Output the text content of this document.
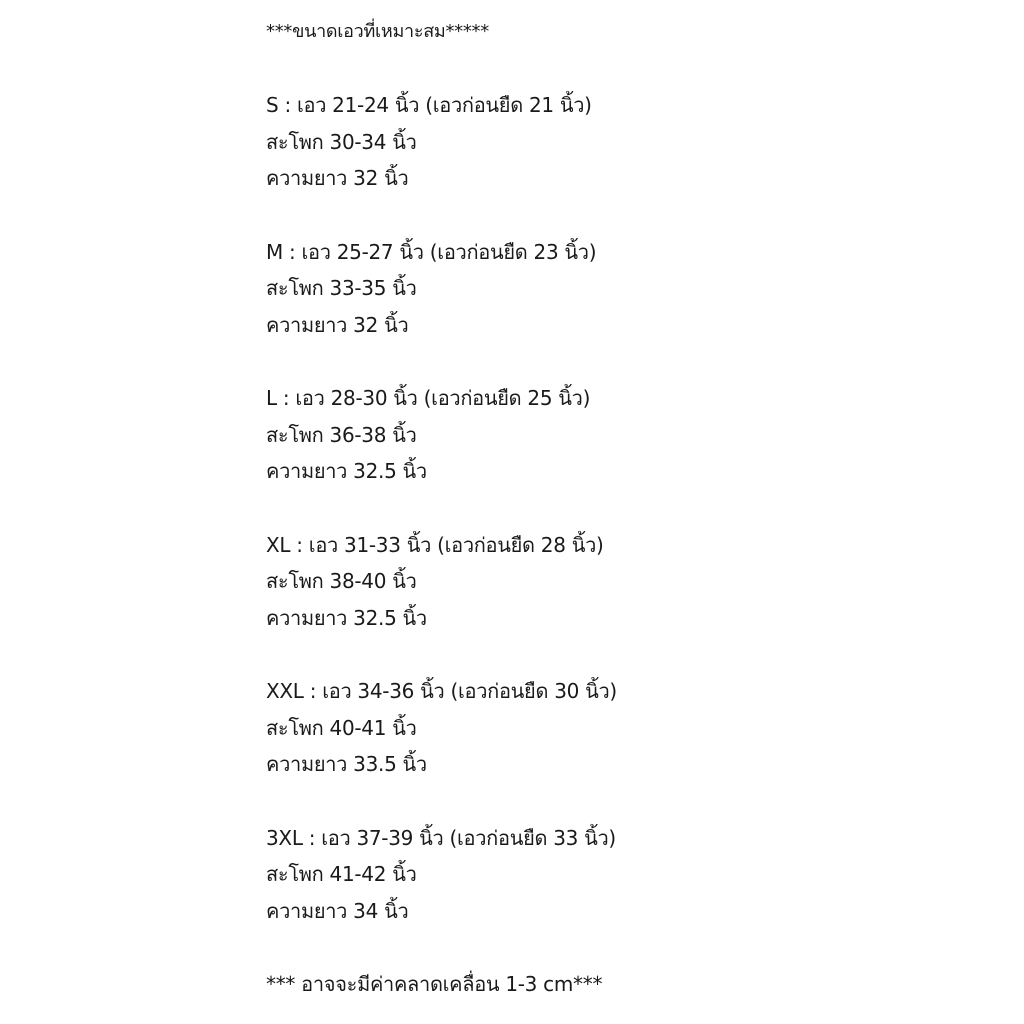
***ขนาดเอวที่เหมาะสม*****
S : เอว 21-24 นิ้ว (เอวก่อนยืด 21 นิ้ว)
สะโพก 30-34 นิ้ว
ความยาว 32 นิ้ว
M : เอว 25-27 นิ้ว (เอวก่อนยืด 23 นิ้ว)
สะโพก 33-35 นิ้ว
ความยาว 32 นิ้ว
L : เอว 28-30 นิ้ว (เอวก่อนยืด 25 นิ้ว)
สะโพก 36-38 นิ้ว
ความยาว 32.5 นิ้ว
XL : เอว 31-33 นิ้ว (เอวก่อนยืด 28 นิ้ว)
สะโพก 38-40 นิ้ว
ความยาว 32.5 นิ้ว
XXL : เอว 34-36 นิ้ว (เอวก่อนยืด 30 นิ้ว)
สะโพก 40-41 นิ้ว
ความยาว 33.5 นิ้ว
3XL : เอว 37-39 นิ้ว (เอวก่อนยืด 33 นิ้ว)
สะโพก 41-42 นิ้ว
ความยาว 34 นิ้ว
*** อาจจะมีค่าคลาดเคลื่อน 1-3 cm***
